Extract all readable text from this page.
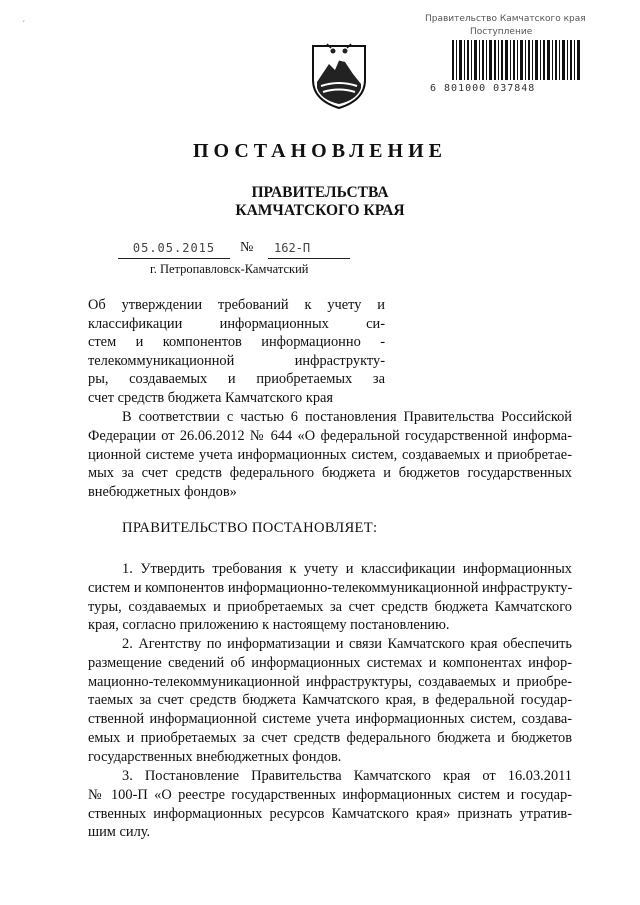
´
Правительство Камчатского края
Поступление
6 801000 037848
ПОСТАНОВЛЕНИЕ
ПРАВИТЕЛЬСТВА
КАМЧАТСКОГО КРАЯ
05.05.2015	№	162-П
г. Петропавловск-Камчатский
Об утверждении требований к учету и
классификации информационных си-
стем и компонентов информационно -
телекоммуникационной инфраструкту-
ры, создаваемых и приобретаемых за
счет средств бюджета Камчатского края
В соответствии с частью 6 постановления Правительства Российской
Федерации от 26.06.2012 № 644 «О федеральной государственной информа-
ционной системе учета информационных систем, создаваемых и приобретае-
мых за счет средств федерального бюджета и бюджетов государственных
внебюджетных фондов»
ПРАВИТЕЛЬСТВО ПОСТАНОВЛЯЕТ:
1. Утвердить требования к учету и классификации информационных
систем и компонентов информационно-телекоммуникационной инфраструкту-
туры, создаваемых и приобретаемых за счет средств бюджета Камчатского
края, согласно приложению к настоящему постановлению.
2. Агентству по информатизации и связи Камчатского края обеспечить
размещение сведений об информационных системах и компонентах инфор-
мационно-телекоммуникационной инфраструктуры, создаваемых и приобре-
таемых за счет средств бюджета Камчатского края, в федеральной государ-
ственной информационной системе учета информационных систем, создава-
емых и приобретаемых за счет средств федерального бюджета и бюджетов
государственных внебюджетных фондов.
3. Постановление Правительства Камчатского края от 16.03.2011
№ 100-П «О реестре государственных информационных систем и государ-
ственных информационных ресурсов Камчатского края» признать утратив-
шим силу.
